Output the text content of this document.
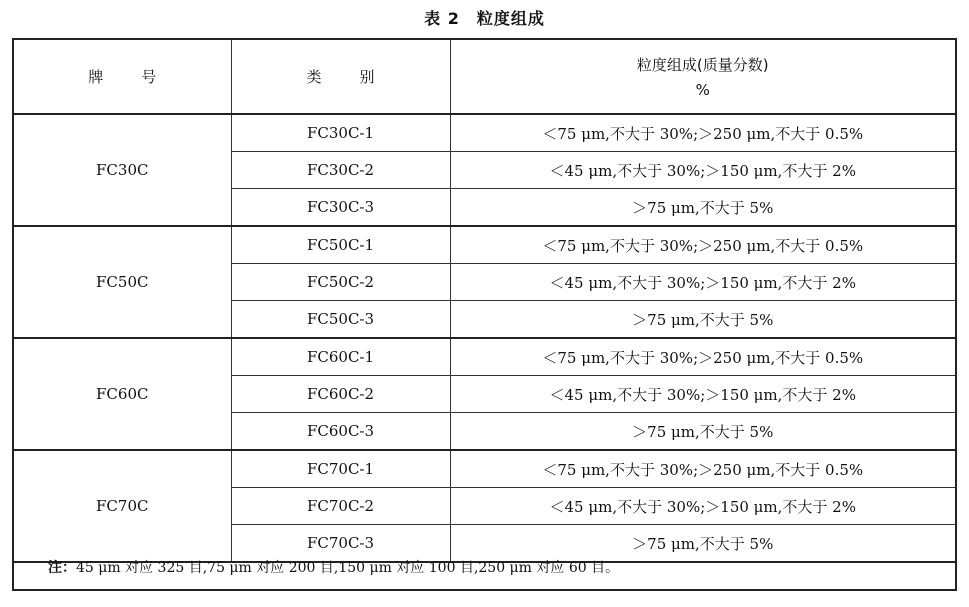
表 2　粒度组成
牌号	类别	粒度组成(质量分数)
%

FC30C	FC30C-1	＜75 μm,不大于 30%;＞250 μm,不大于 0.5%
	FC30C-2	＜45 μm,不大于 30%;＞150 μm,不大于 2%
	FC30C-3	＞75 μm,不大于 5%
FC50C	FC50C-1	＜75 μm,不大于 30%;＞250 μm,不大于 0.5%
	FC50C-2	＜45 μm,不大于 30%;＞150 μm,不大于 2%
	FC50C-3	＞75 μm,不大于 5%
FC60C	FC60C-1	＜75 μm,不大于 30%;＞250 μm,不大于 0.5%
	FC60C-2	＜45 μm,不大于 30%;＞150 μm,不大于 2%
	FC60C-3	＞75 μm,不大于 5%
FC70C	FC70C-1	＜75 μm,不大于 30%;＞250 μm,不大于 0.5%
	FC70C-2	＜45 μm,不大于 30%;＞150 μm,不大于 2%
	FC70C-3	＞75 μm,不大于 5%
注：45 μm 对应 325 目,75 μm 对应 200 目,150 μm 对应 100 目,250 μm 对应 60 目。
